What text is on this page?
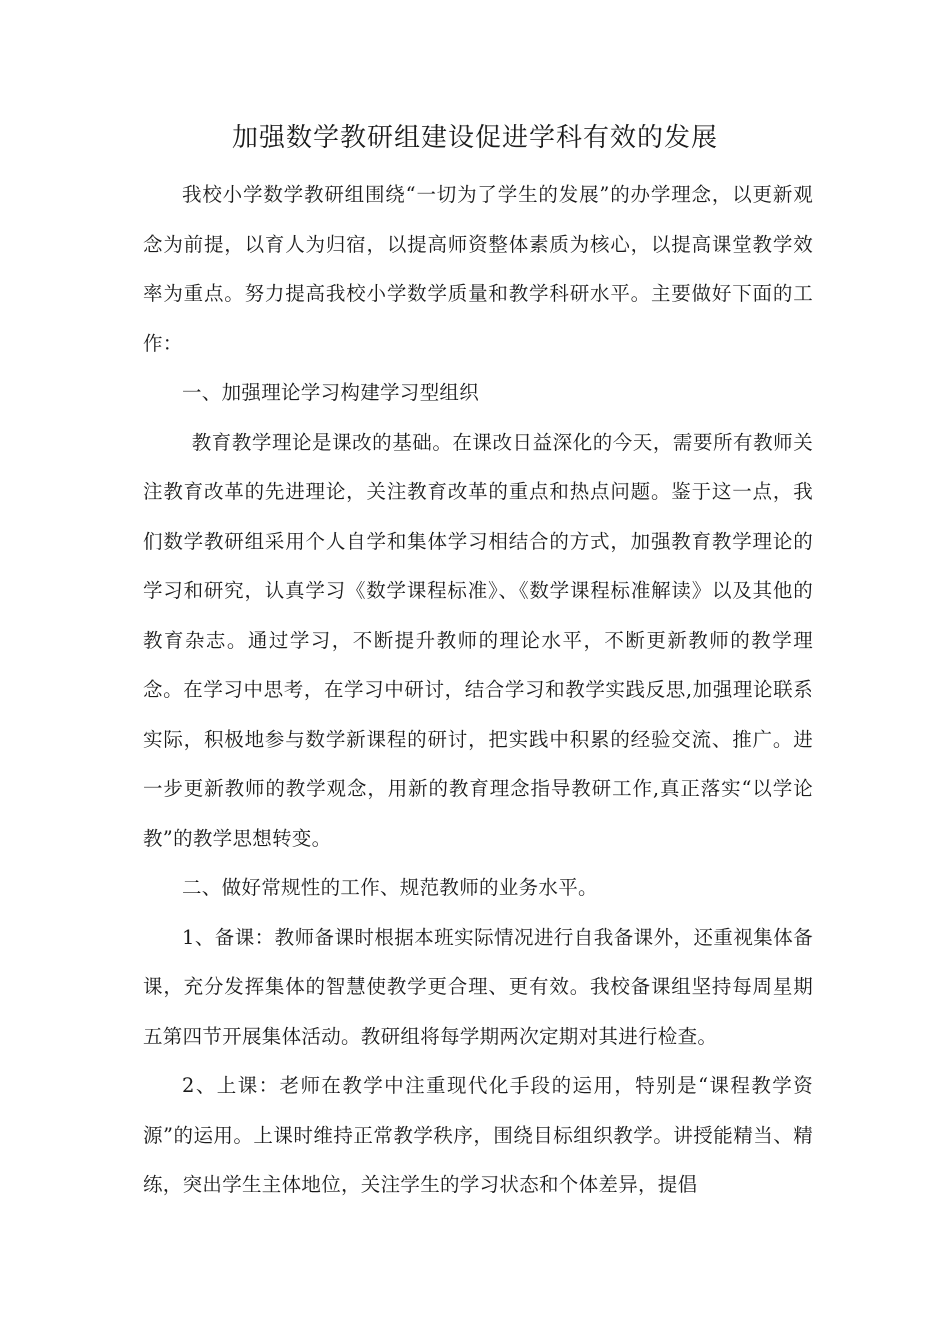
加强数学教研组建设促进学科有效的发展

我校小学数学教研组围绕“一切为了学生的发展”的办学理念，以更新观念为前提，以育人为归宿，以提高师资整体素质为核心，以提高课堂教学效率为重点。努力提高我校小学数学质量和教学科研水平。主要做好下面的工作：

一、加强理论学习构建学习型组织

教育教学理论是课改的基础。在课改日益深化的今天，需要所有教师关注教育改革的先进理论，关注教育改革的重点和热点问题。鉴于这一点，我们数学教研组采用个人自学和集体学习相结合的方式，加强教育教学理论的学习和研究，认真学习《数学课程标准》、《数学课程标准解读》以及其他的教育杂志。通过学习，不断提升教师的理论水平，不断更新教师的教学理念。在学习中思考，在学习中研讨，结合学习和教学实践反思,加强理论联系实际，积极地参与数学新课程的研讨，把实践中积累的经验交流、推广。进一步更新教师的教学观念，用新的教育理念指导教研工作,真正落实“以学论教”的教学思想转变。

二、做好常规性的工作、规范教师的业务水平。

1、备课：教师备课时根据本班实际情况进行自我备课外，还重视集体备课，充分发挥集体的智慧使教学更合理、更有效。我校备课组坚持每周星期五第四节开展集体活动。教研组将每学期两次定期对其进行检查。

2、上课：老师在教学中注重现代化手段的运用，特别是“课程教学资源”的运用。上课时维持正常教学秩序，围绕目标组织教学。讲授能精当、精练，突出学生主体地位，关注学生的学习状态和个体差异，提倡
